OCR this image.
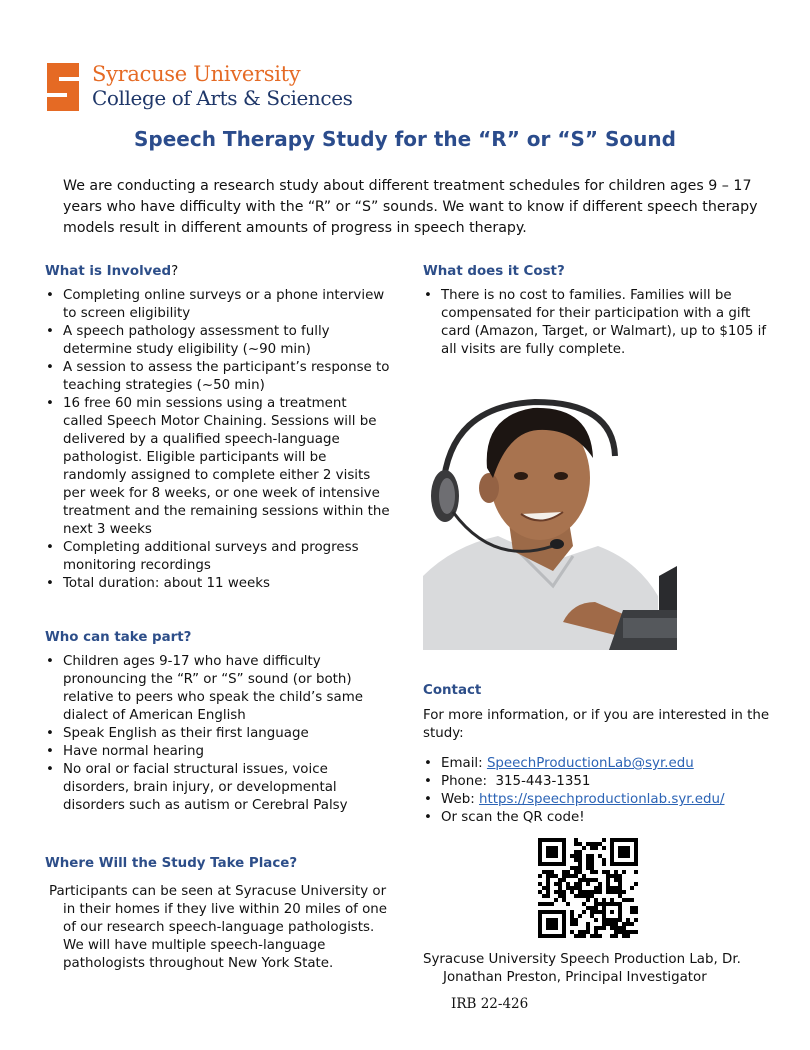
Syracuse University
College of Arts & Sciences
Speech Therapy Study for the “R” or “S” Sound
We are conducting a research study about different treatment schedules for children ages 9 – 17 years who have difficulty with the “R” or “S” sounds. We want to know if different speech therapy models result in different amounts of progress in speech therapy.
What is Involved?
• Completing online surveys or a phone interview to screen eligibility
• A speech pathology assessment to fully determine study eligibility (~90 min)
• A session to assess the participant’s response to teaching strategies (~50 min)
• 16 free 60 min sessions using a treatment called Speech Motor Chaining. Sessions will be delivered by a qualified speech-language pathologist. Eligible participants will be randomly assigned to complete either 2 visits per week for 8 weeks, or one week of intensive treatment and the remaining sessions within the next 3 weeks
• Completing additional surveys and progress monitoring recordings
• Total duration: about 11 weeks
Who can take part?
• Children ages 9-17 who have difficulty pronouncing the “R” or “S” sound (or both) relative to peers who speak the child’s same dialect of American English
• Speak English as their first language
• Have normal hearing
• No oral or facial structural issues, voice disorders, brain injury, or developmental disorders such as autism or Cerebral Palsy
Where Will the Study Take Place?
Participants can be seen at Syracuse University or in their homes if they live within 20 miles of one of our research speech-language pathologists. We will have multiple speech-language pathologists throughout New York State.
What does it Cost?
• There is no cost to families. Families will be compensated for their participation with a gift card (Amazon, Target, or Walmart), up to $105 if all visits are fully complete.
Contact
For more information, or if you are interested in the study:
• Email: SpeechProductionLab@syr.edu
• Phone: 315-443-1351
• Web: https://speechproductionlab.syr.edu/
• Or scan the QR code!
Syracuse University Speech Production Lab, Dr. Jonathan Preston, Principal Investigator
IRB 22-426
